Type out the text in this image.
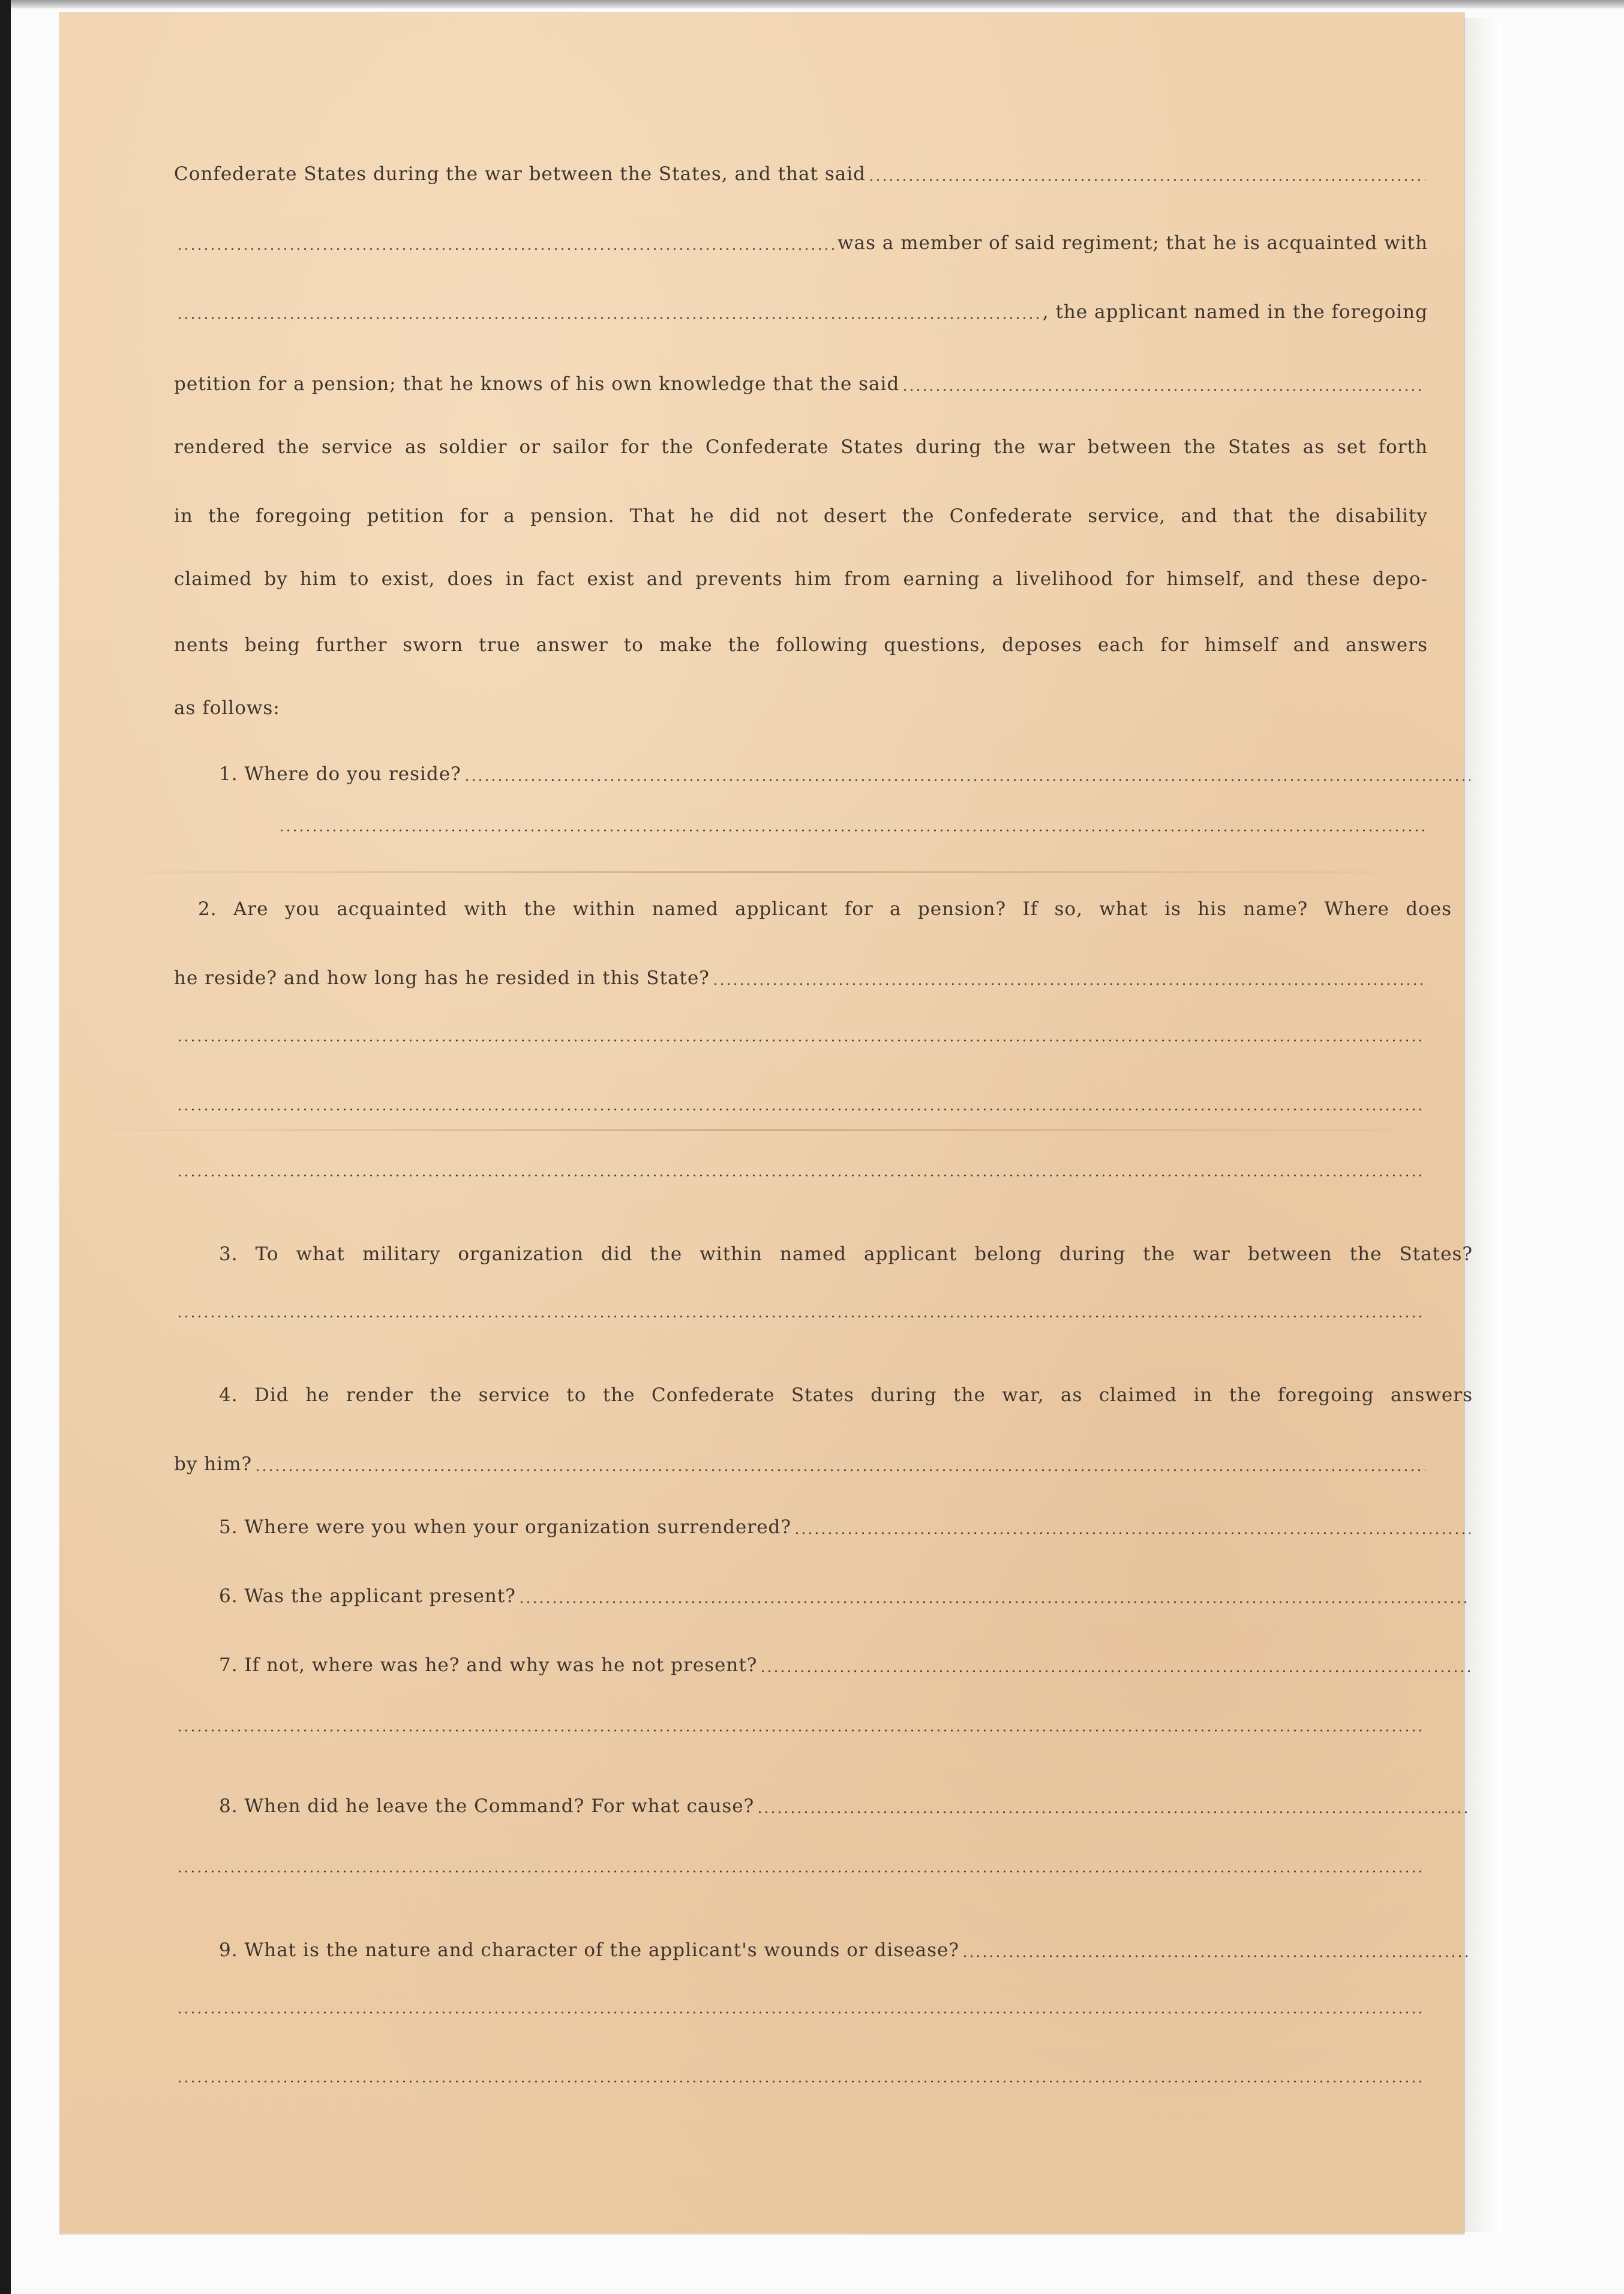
Confederate States during the war between the States, and that said
was a member of said regiment; that he is acquainted with
, the applicant named in the foregoing
petition for a pension; that he knows of his own knowledge that the said
rendered the service as soldier or sailor for the Confederate States during the war between the States as set forth
in the foregoing petition for a pension. That he did not desert the Confederate service, and that the disability
claimed by him to exist, does in fact exist and prevents him from earning a livelihood for himself, and these depo-
nents being further sworn true answer to make the following questions, deposes each for himself and answers
as follows:
1. Where do you reside?
2. Are you acquainted with the within named applicant for a pension? If so, what is his name? Where does
he reside? and how long has he resided in this State?
3. To what military organization did the within named applicant belong during the war between the States?
4. Did he render the service to the Confederate States during the war, as claimed in the foregoing answers
by him?
5. Where were you when your organization surrendered?
6. Was the applicant present?
7. If not, where was he? and why was he not present?
8. When did he leave the Command? For what cause?
9. What is the nature and character of the applicant's wounds or disease?
